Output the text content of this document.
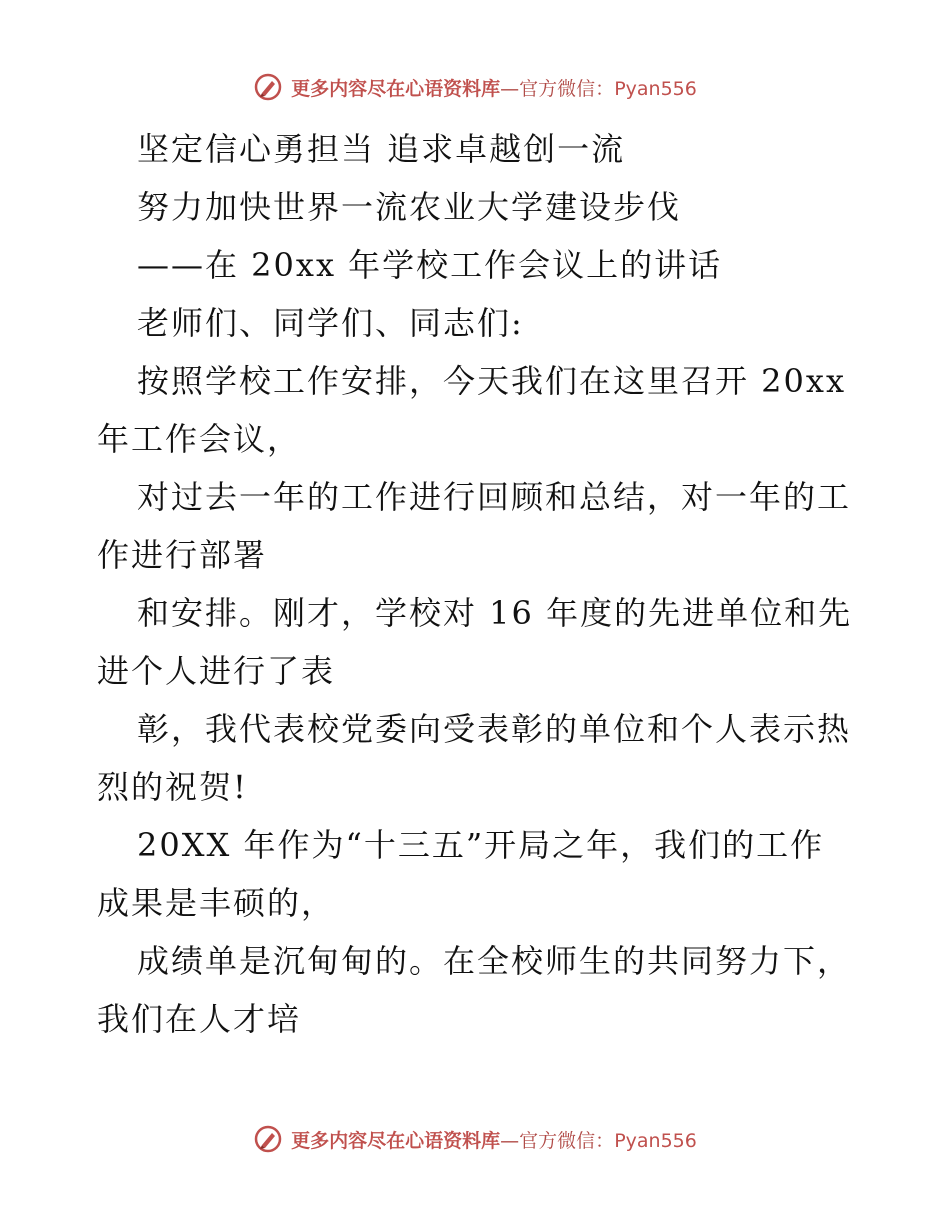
更多内容尽在心语资料库—官方微信：Pyan556
坚定信心勇担当 追求卓越创一流
努力加快世界一流农业大学建设步伐
——在 20xx 年学校工作会议上的讲话
老师们、同学们、同志们:
按照学校工作安排，今天我们在这里召开 20xx
年工作会议，
对过去一年的工作进行回顾和总结，对一年的工
作进行部署
和安排。刚才，学校对 16 年度的先进单位和先
进个人进行了表
彰，我代表校党委向受表彰的单位和个人表示热
烈的祝贺!
20XX 年作为“十三五”开局之年，我们的工作
成果是丰硕的，
成绩单是沉甸甸的。在全校师生的共同努力下，
我们在人才培
更多内容尽在心语资料库—官方微信：Pyan556
